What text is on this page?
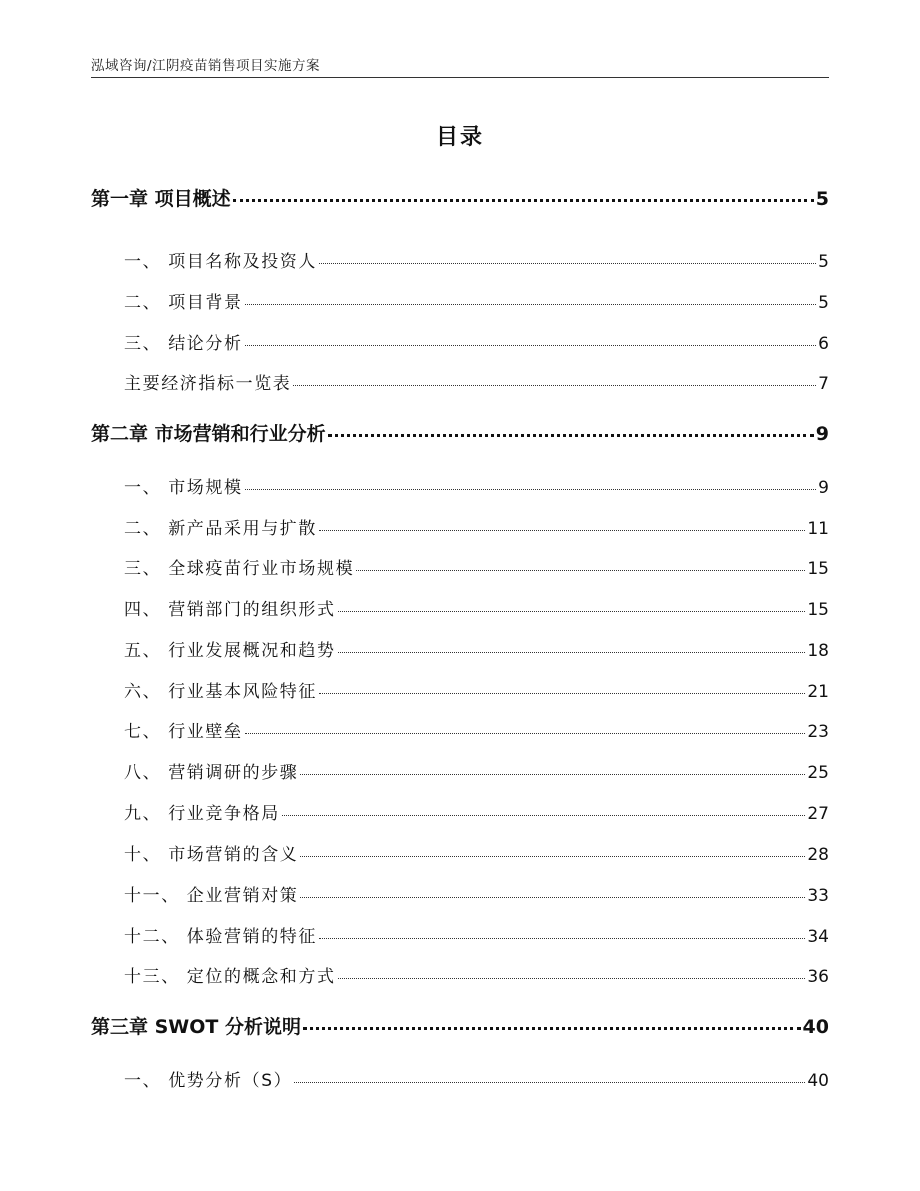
泓域咨询/江阴疫苗销售项目实施方案
目录
第一章 项目概述	5
一、 项目名称及投资人	5
二、 项目背景	5
三、 结论分析	6
主要经济指标一览表	7
第二章 市场营销和行业分析	9
一、 市场规模	9
二、 新产品采用与扩散	11
三、 全球疫苗行业市场规模	15
四、 营销部门的组织形式	15
五、 行业发展概况和趋势	18
六、 行业基本风险特征	21
七、 行业壁垒	23
八、 营销调研的步骤	25
九、 行业竞争格局	27
十、 市场营销的含义	28
十一、 企业营销对策	33
十二、 体验营销的特征	34
十三、 定位的概念和方式	36
第三章 SWOT 分析说明	40
一、 优势分析（S）	40
